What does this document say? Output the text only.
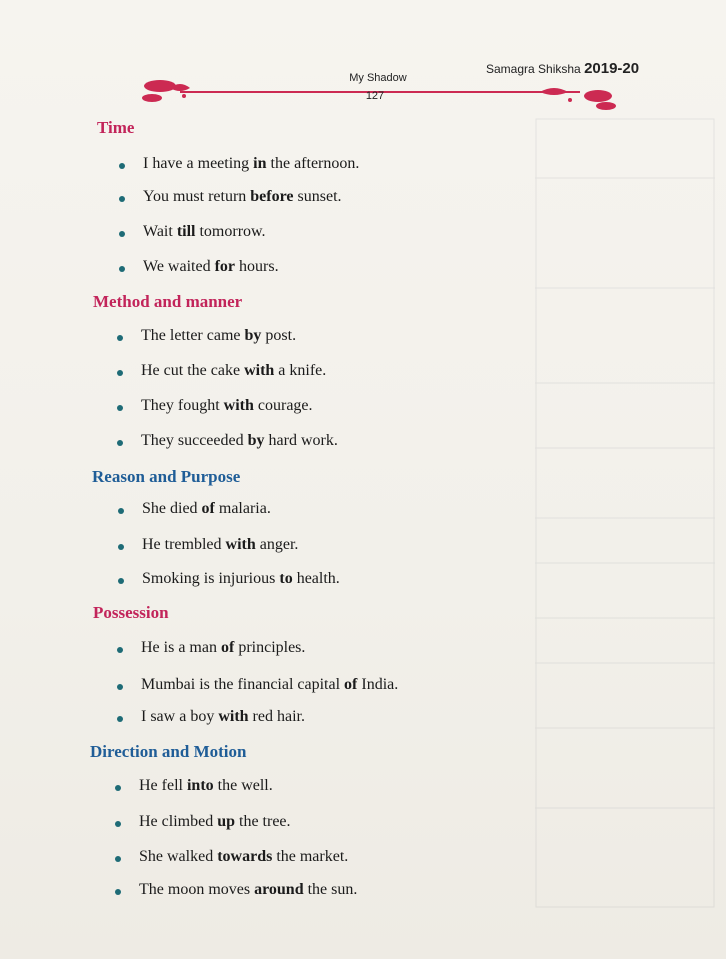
Samagra Shiksha 2019-20
My Shadow
127
Time
I have a meeting in the afternoon.
You must return before sunset.
Wait till tomorrow.
We waited for hours.
Method and manner
The letter came by post.
He cut the cake with a knife.
They fought with courage.
They succeeded by hard work.
Reason and Purpose
She died of malaria.
He trembled with anger.
Smoking is injurious to health.
Possession
He is a man of principles.
Mumbai is the financial capital of India.
I saw a boy with red hair.
Direction and Motion
He fell into the well.
He climbed up the tree.
She walked towards the market.
The moon moves around the sun.
